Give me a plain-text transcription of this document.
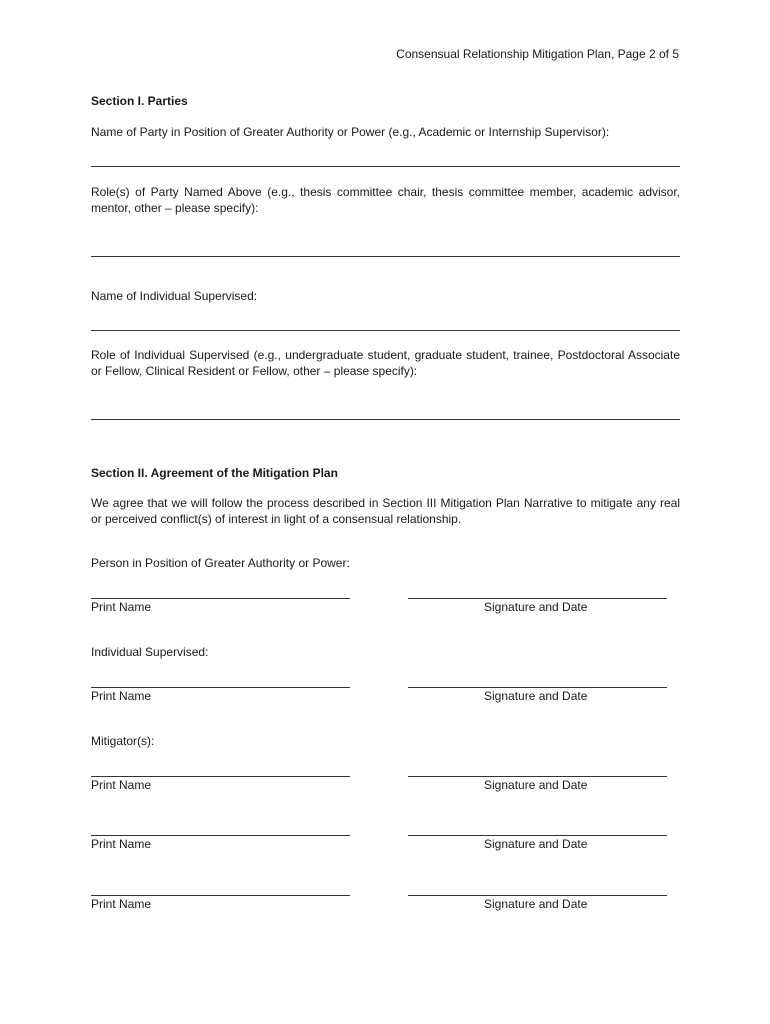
Consensual Relationship Mitigation Plan, Page 2 of 5
Section I. Parties
Name of Party in Position of Greater Authority or Power (e.g., Academic or Internship Supervisor):
Role(s) of Party Named Above (e.g., thesis committee chair, thesis committee member, academic advisor, mentor, other – please specify):
Name of Individual Supervised:
Role of Individual Supervised (e.g., undergraduate student, graduate student, trainee, Postdoctoral Associate or Fellow, Clinical Resident or Fellow, other – please specify):
Section II. Agreement of the Mitigation Plan
We agree that we will follow the process described in Section III Mitigation Plan Narrative to mitigate any real or perceived conflict(s) of interest in light of a consensual relationship.
Person in Position of Greater Authority or Power:
Print Name	Signature and Date
Individual Supervised:
Print Name	Signature and Date
Mitigator(s):
Print Name	Signature and Date
Print Name	Signature and Date
Print Name	Signature and Date
